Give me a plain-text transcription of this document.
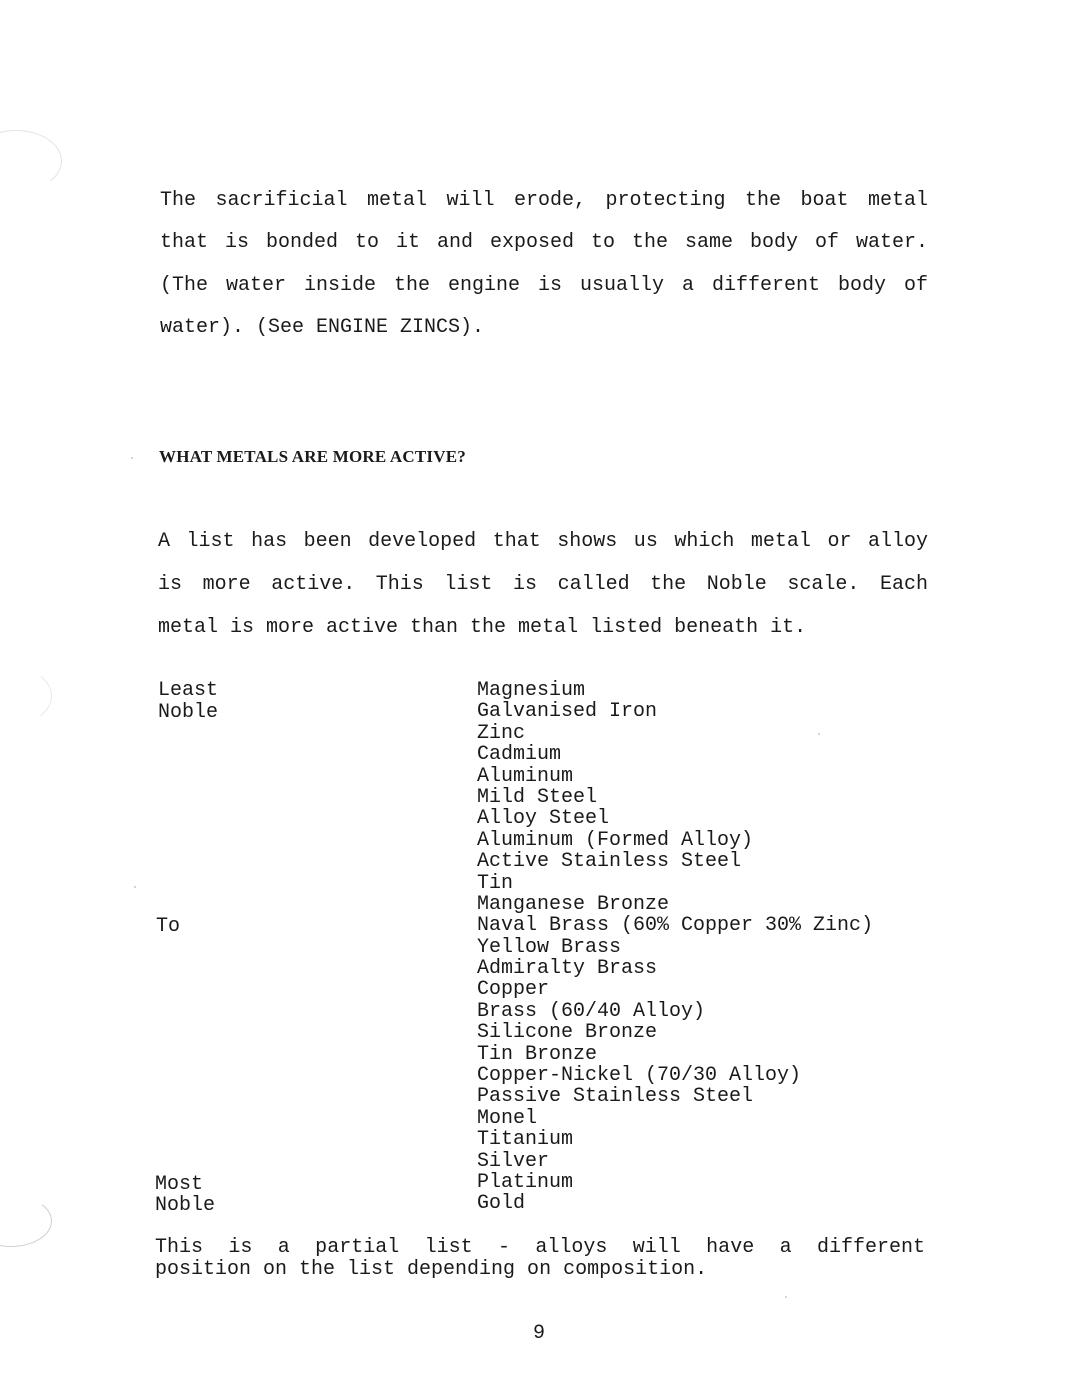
The sacrificial metal will erode, protecting the boat metal
that is bonded to it and exposed to the same body of water.
(The water inside the engine is usually a different body of
water). (See ENGINE ZINCS).
WHAT METALS ARE MORE ACTIVE?
A list has been developed that shows us which metal or alloy
is more active. This list is called the Noble scale. Each
metal is more active than the metal listed beneath it.
Least
Noble
To
Most
Noble
Magnesium
Galvanised Iron
Zinc
Cadmium
Aluminum
Mild Steel
Alloy Steel
Aluminum (Formed Alloy)
Active Stainless Steel
Tin
Manganese Bronze
Naval Brass (60% Copper 30% Zinc)
Yellow Brass
Admiralty Brass
Copper
Brass (60/40 Alloy)
Silicone Bronze
Tin Bronze
Copper-Nickel (70/30 Alloy)
Passive Stainless Steel
Monel
Titanium
Silver
Platinum
Gold
This is a partial list - alloys will have a different
position on the list depending on composition.
9
